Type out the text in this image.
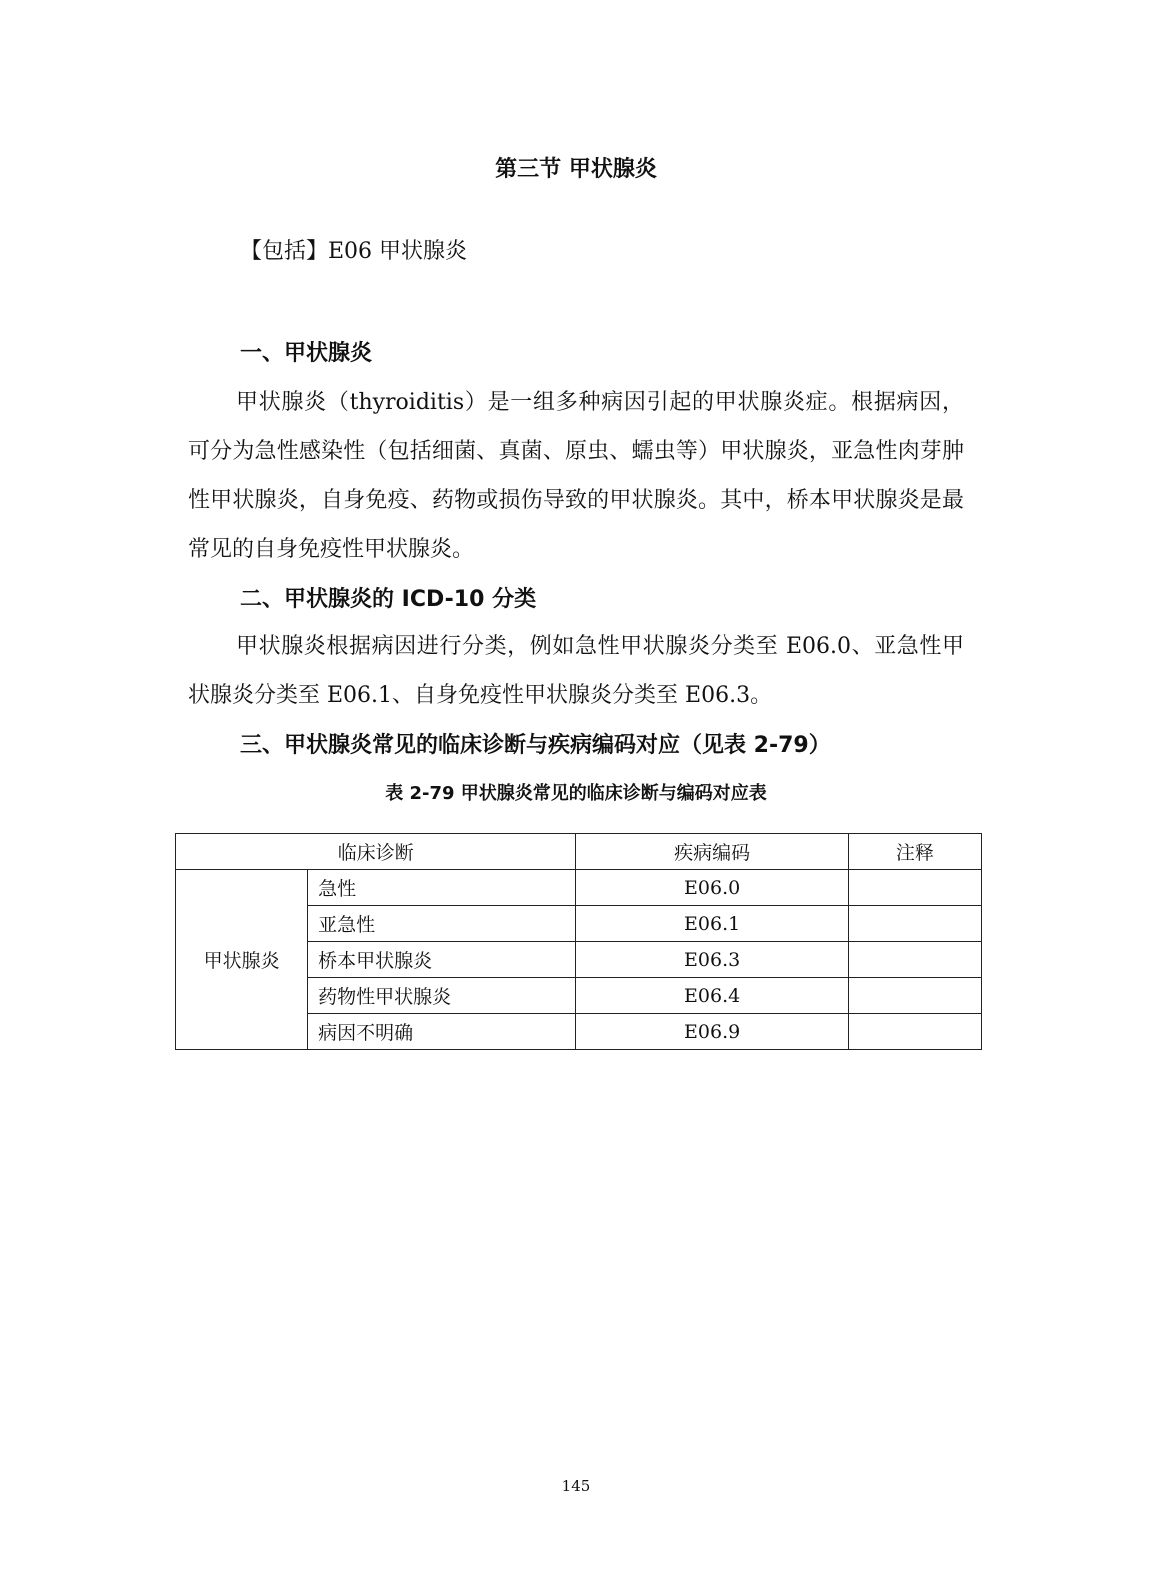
第三节 甲状腺炎
【包括】E06 甲状腺炎
一、甲状腺炎

甲状腺炎（thyroiditis）是一组多种病因引起的甲状腺炎症。根据病因，可分为急性感染性（包括细菌、真菌、原虫、蠕虫等）甲状腺炎，亚急性肉芽肿性甲状腺炎，自身免疫、药物或损伤导致的甲状腺炎。其中，桥本甲状腺炎是最常见的自身免疫性甲状腺炎。

二、甲状腺炎的 ICD-10 分类

甲状腺炎根据病因进行分类，例如急性甲状腺炎分类至 E06.0、亚急性甲状腺炎分类至 E06.1、自身免疫性甲状腺炎分类至 E06.3。

三、甲状腺炎常见的临床诊断与疾病编码对应（见表 2-79）
表 2-79 甲状腺炎常见的临床诊断与编码对应表
临床诊断		疾病编码	注释
甲状腺炎	急性	E06.0	
	亚急性	E06.1	
	桥本甲状腺炎	E06.3	
	药物性甲状腺炎	E06.4	
	病因不明确	E06.9	
145
